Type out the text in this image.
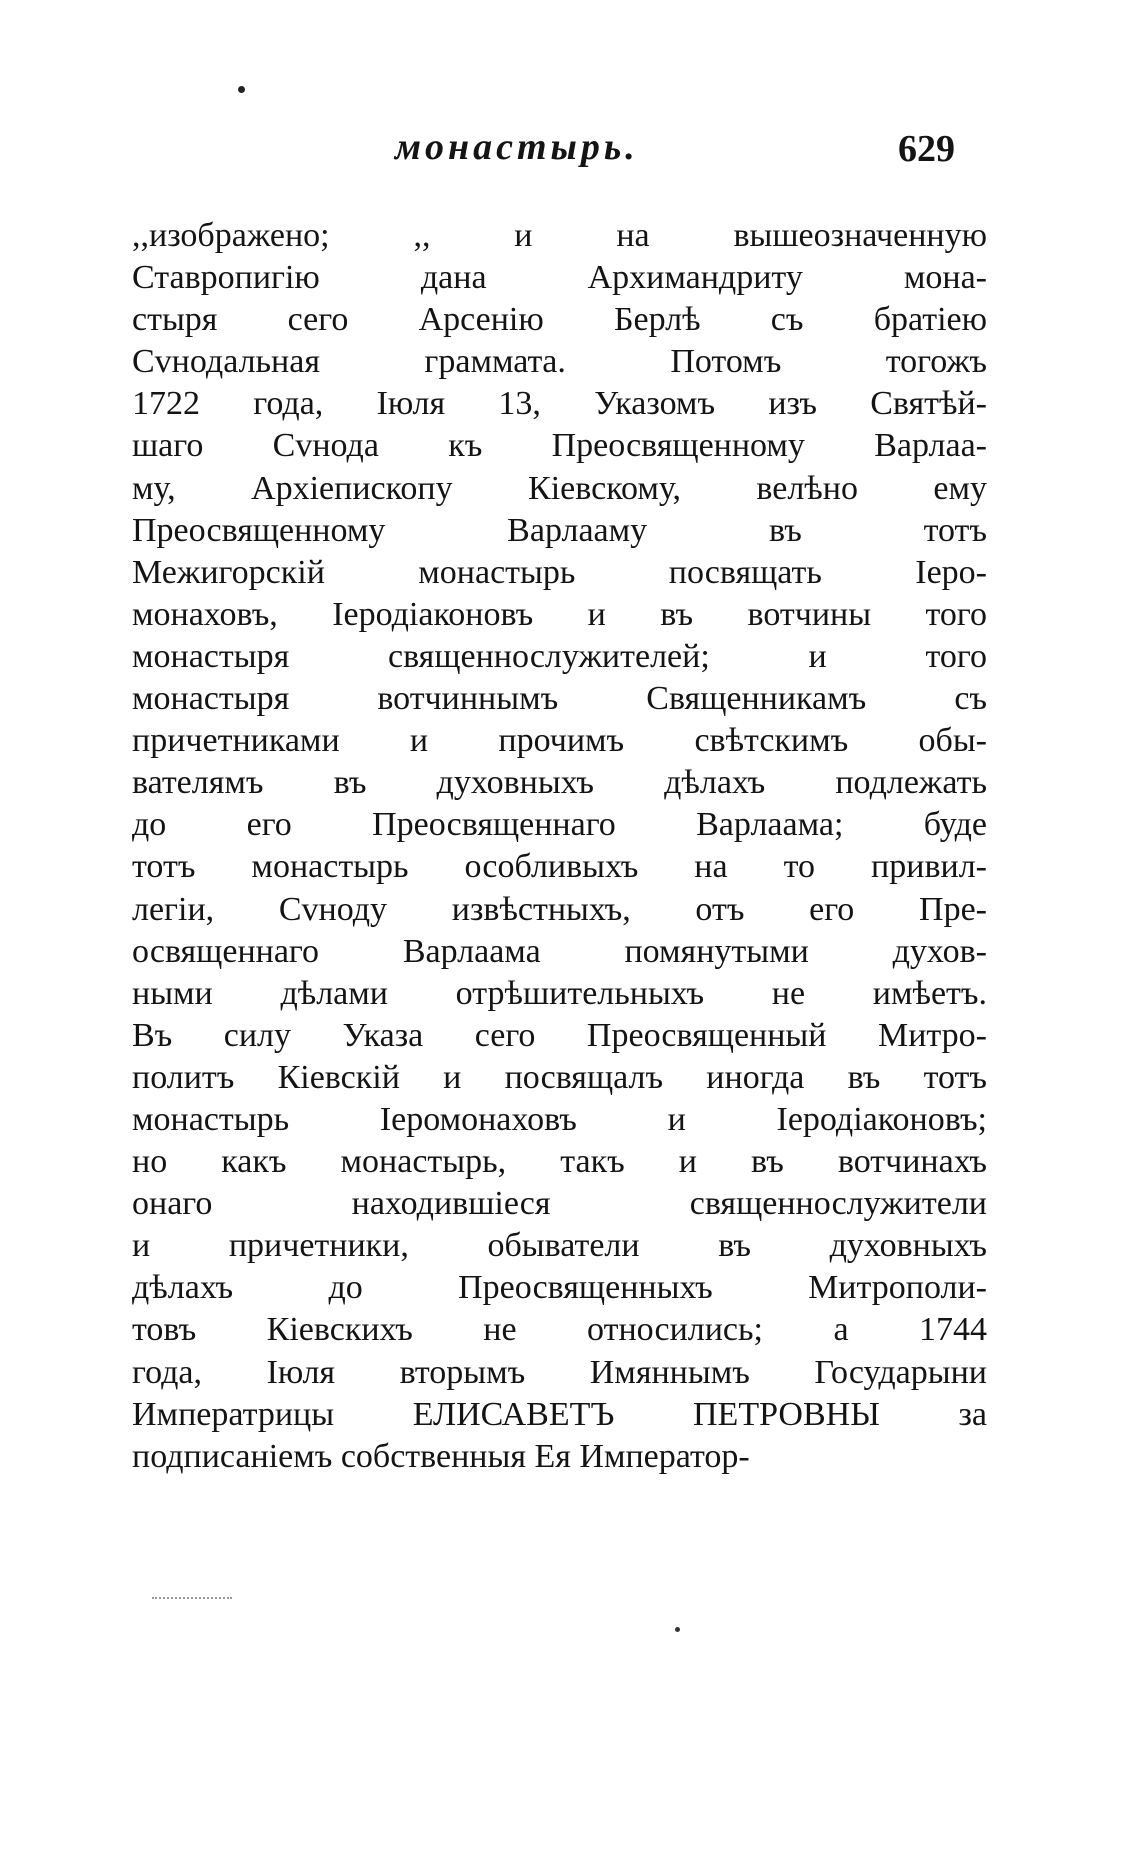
монастырь.	629
,,изображено; ,, и на вышеозначенную
Ставропигію дана Архимандриту монa-
стыря сего Арсенію Берлѣ съ братіею
Сvнодальная грамматa. Потомъ тогожъ
1722 года, Іюля 13, Указомъ изъ Святѣй-
шаго Сvнода къ Преосвященному Варлаа-
му, Архіепископу Кіевскому, велѣно ему
Преосвященному Варлааму въ тотъ
Межигорскій монастырь посвящать Іеро-
монаховъ, Іеродіаконовъ и въ вотчины того
монастыря священнослужителей; и того
монастыря вотчиннымъ Священникамъ съ
причетниками и прочимъ свѣтскимъ обы-
вателямъ въ духовныхъ дѣлахъ подлежать
до его Преосвященнаго Варлаама; буде
тотъ монастырь особливыхъ на то привил-
легіи, Сvноду извѣстныхъ, отъ его Пре-
освященнаго Варлаама помянутыми духов-
ными дѣлами отрѣшительныхъ не имѣетъ.
Въ силу Указа сего Преосвященный Митро-
политъ Кіевскій и посвящалъ иногда въ тотъ
монастырь Іеромонаховъ и Іеродіаконовъ;
но какъ монастырь, такъ и въ вотчинахъ
онаго находившіеся священнослужители
и причетники, обыватели въ духовныхъ
дѣлахъ до Преосвященныхъ Митрополи-
товъ Кіевскихъ не относились; а 1744
года, Іюля вторымъ Имяннымъ Государыни
Императрицы ЕЛИСАВЕТЪ ПЕТРОВНЫ за
подписаніемъ собственныя Ея Император-
